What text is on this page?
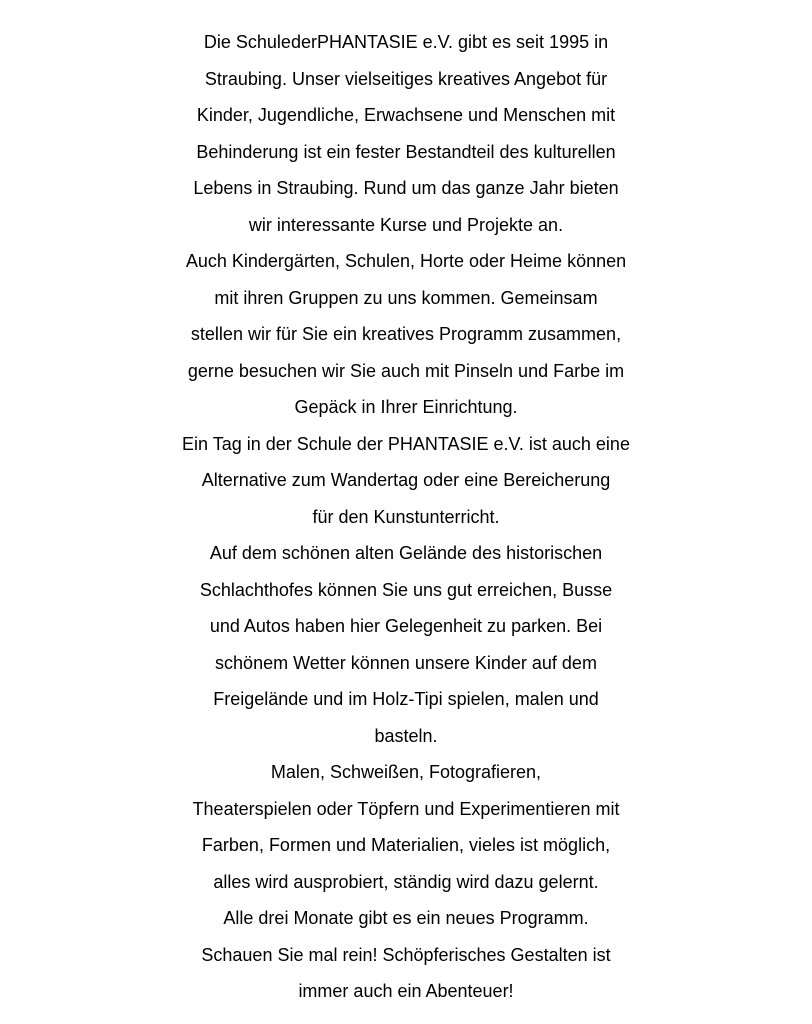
Die SchulederPHANTASIE e.V. gibt es seit 1995 in
Straubing. Unser vielseitiges kreatives Angebot für
Kinder, Jugendliche, Erwachsene und Menschen mit
Behinderung ist ein fester Bestandteil des kulturellen
Lebens in Straubing. Rund um das ganze Jahr bieten
wir interessante Kurse und Projekte an.
Auch Kindergärten, Schulen, Horte oder Heime können
mit ihren Gruppen zu uns kommen. Gemeinsam
stellen wir für Sie ein kreatives Programm zusammen,
gerne besuchen wir Sie auch mit Pinseln und Farbe im
Gepäck in Ihrer Einrichtung.
Ein Tag in der Schule der PHANTASIE e.V. ist auch eine
Alternative zum Wandertag oder eine Bereicherung
für den Kunstunterricht.
Auf dem schönen alten Gelände des historischen
Schlachthofes können Sie uns gut erreichen, Busse
und Autos haben hier Gelegenheit zu parken. Bei
schönem Wetter können unsere Kinder auf dem
Freigelände und im Holz-Tipi spielen, malen und
basteln.
Malen, Schweißen, Fotografieren,
Theaterspielen oder Töpfern und Experimentieren mit
Farben, Formen und Materialien, vieles ist möglich,
alles wird ausprobiert, ständig wird dazu gelernt.
Alle drei Monate gibt es ein neues Programm.
Schauen Sie mal rein! Schöpferisches Gestalten ist
immer auch ein Abenteuer!
